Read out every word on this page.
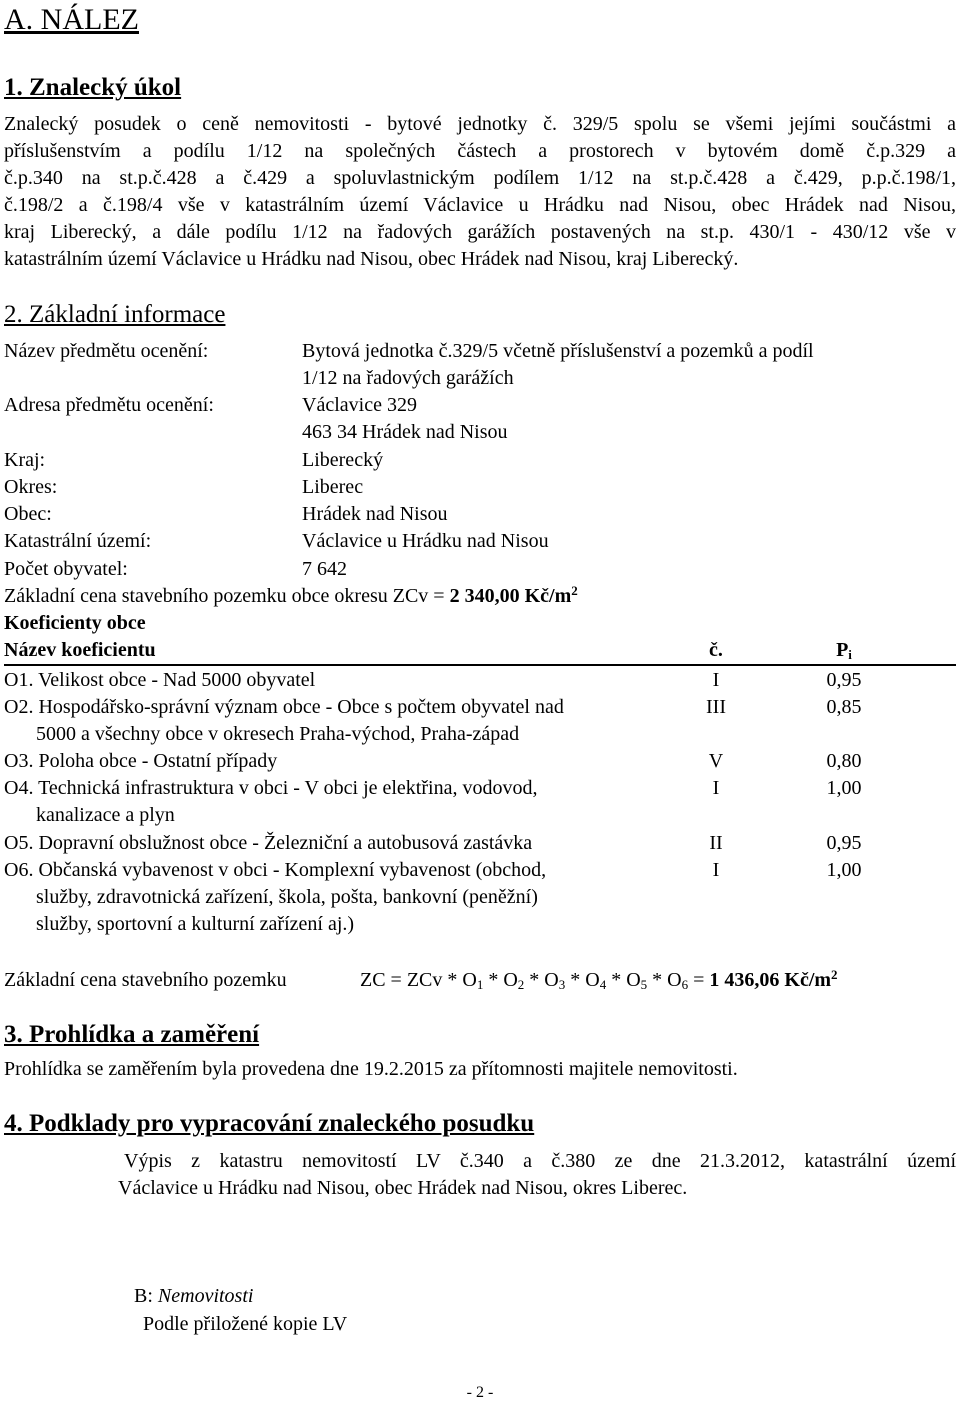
A. NÁLEZ
1. Znalecký úkol
Znalecký posudek o ceně nemovitosti - bytové jednotky č. 329/5 spolu se všemi jejími součástmi a
příslušenstvím a podílu 1/12 na společných částech a prostorech v bytovém domě č.p.329 a
č.p.340 na st.p.č.428 a č.429 a spoluvlastnickým podílem 1/12 na st.p.č.428 a č.429, p.p.č.198/1,
č.198/2 a č.198/4 vše v katastrálním území Václavice u Hrádku nad Nisou, obec Hrádek nad Nisou,
kraj Liberecký, a dále podílu 1/12 na řadových garážích postavených na st.p. 430/1 - 430/12 vše v
katastrálním území Václavice u Hrádku nad Nisou, obec Hrádek nad Nisou, kraj Liberecký.
2. Základní informace
Název předmětu ocenění:	Bytová jednotka č.329/5 včetně příslušenství a pozemků a podíl
1/12 na řadových garážích
Adresa předmětu ocenění:	Václavice 329
463 34 Hrádek nad Nisou
Kraj:	Liberecký
Okres:	Liberec
Obec:	Hrádek nad Nisou
Katastrální území:	Václavice u Hrádku nad Nisou
Počet obyvatel:	7 642
Základní cena stavebního pozemku obce okresu ZCv = 2 340,00 $Kč/m^2$
Koeficienty obce
Název koeficientu	č.	$P_i$
O1. Velikost obce - Nad 5000 obyvatel	I	0,95
O2. Hospodářsko-správní význam obce - Obce s počtem obyvatel nad
5000 a všechny obce v okresech Praha-východ, Praha-západ
III	0,85
O3. Poloha obce - Ostatní případy	V	0,80
O4. Technická infrastruktura v obci - V obci je elektřina, vodovod,
kanalizace a plyn
I	1,00
O5. Dopravní obslužnost obce - Železniční a autobusová zastávka	II	0,95
O6. Občanská vybavenost v obci - Komplexní vybavenost (obchod,
služby, zdravotnická zařízení, škola, pošta, bankovní (peněžní)
služby, sportovní a kulturní zařízení aj.)
I	1,00
Základní cena stavebního pozemku	ZC = ZCv * $O_1 * O_2 * O_3 * O_4 * O_5 * O_6 = 1$ 436,06 $Kč/m^2$
3. Prohlídka a zaměření
Prohlídka se zaměřením byla provedena dne 19.2.2015 za přítomnosti majitele nemovitosti.
4. Podklady pro vypracování znaleckého posudku
Výpis z katastru nemovitostí LV č.340 a č.380 ze dne 21.3.2012, katastrální území
Václavice u Hrádku nad Nisou, obec Hrádek nad Nisou, okres Liberec.
B: Nemovitosti
Podle přiložené kopie LV
- 2 -
